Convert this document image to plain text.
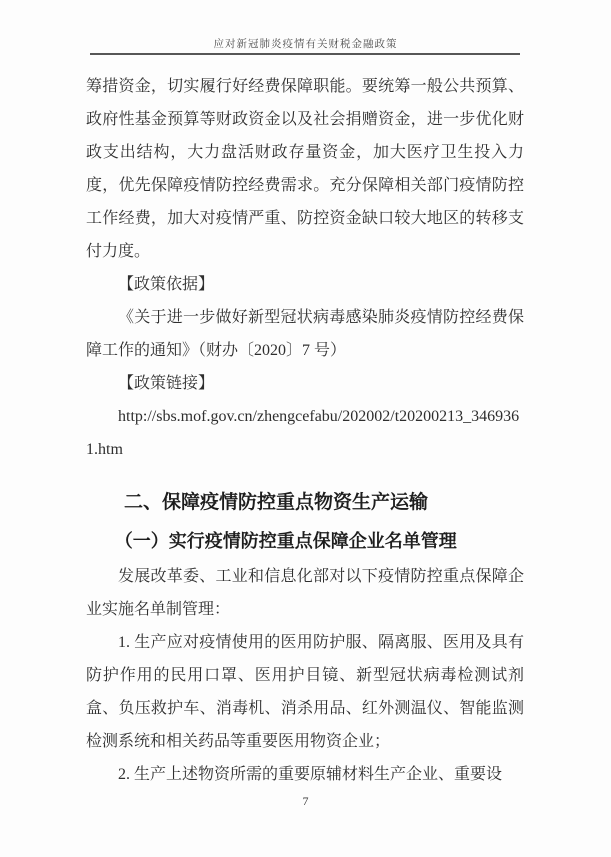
应对新冠肺炎疫情有关财税金融政策

筹措资金，切实履行好经费保障职能。要统筹一般公共预算、政府性基金预算等财政资金以及社会捐赠资金，进一步优化财政支出结构，大力盘活财政存量资金，加大医疗卫生投入力度，优先保障疫情防控经费需求。充分保障相关部门疫情防控工作经费，加大对疫情严重、防控资金缺口较大地区的转移支付力度。

【政策依据】

《关于进一步做好新型冠状病毒感染肺炎疫情防控经费保障工作的通知》（财办〔2020〕7 号）

【政策链接】

http://sbs.mof.gov.cn/zhengcefabu/202002/t20200213_3469361.htm

二、保障疫情防控重点物资生产运输

（一）实行疫情防控重点保障企业名单管理

发展改革委、工业和信息化部对以下疫情防控重点保障企业实施名单制管理：

1. 生产应对疫情使用的医用防护服、隔离服、医用及具有防护作用的民用口罩、医用护目镜、新型冠状病毒检测试剂盒、负压救护车、消毒机、消杀用品、红外测温仪、智能监测检测系统和相关药品等重要医用物资企业；

2. 生产上述物资所需的重要原辅材料生产企业、重要设

7
